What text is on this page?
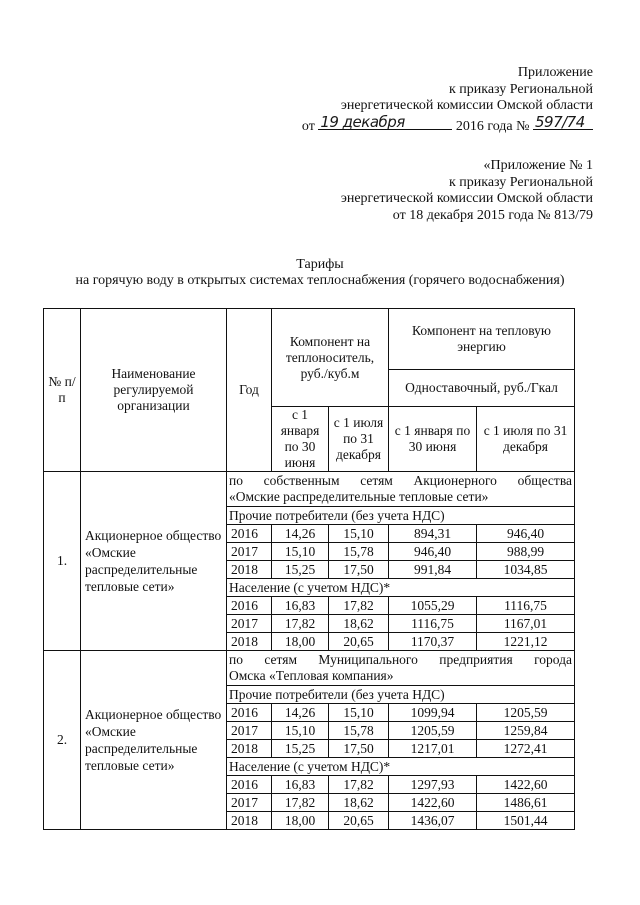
Приложение
к приказу Региональной
энергетической комиссии Омской области
от 19 декабря	2016 года № 597/74
«Приложение № 1
к приказу Региональной
энергетической комиссии Омской области
от 18 декабря 2015 года № 813/79
Тарифы
на горячую воду в открытых системах теплоснабжения (горячего водоснабжения)
№ п/п	Наименование регулируемой организации	Год	Компонент на теплоноситель, руб./куб.м		Компонент на тепловую энергию	
					Одноставочный, руб./Гкал	
			с 1 января по 30 июня	с 1 июля по 31 декабря	с 1 января по 30 июня	с 1 июля по 31 декабря
1.	Акционерное общество «Омские распределительные тепловые сети»	по собственным сетям Акционерного общества
«Омские распределительные тепловые сети»				

		Прочие потребители (без учета НДС)				
		2016	14,26	15,10	894,31	946,40
		2017	15,10	15,78	946,40	988,99
		2018	15,25	17,50	991,84	1034,85
		Население (с учетом НДС)*				
		2016	16,83	17,82	1055,29	1116,75
		2017	17,82	18,62	1116,75	1167,01
		2018	18,00	20,65	1170,37	1221,12
2.	Акционерное общество «Омские распределительные тепловые сети»	по сетям Муниципального предприятия города
Омска «Тепловая компания»				

		Прочие потребители (без учета НДС)				
		2016	14,26	15,10	1099,94	1205,59
		2017	15,10	15,78	1205,59	1259,84
		2018	15,25	17,50	1217,01	1272,41
		Население (с учетом НДС)*				
		2016	16,83	17,82	1297,93	1422,60
		2017	17,82	18,62	1422,60	1486,61
		2018	18,00	20,65	1436,07	1501,44
